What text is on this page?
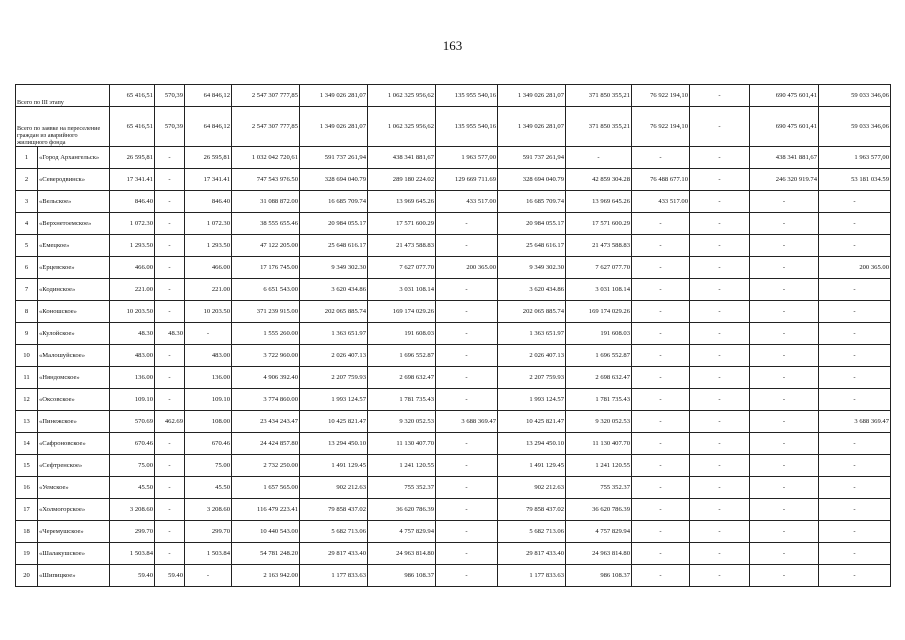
163
Всего по III этапу		65 416,51	570,39	64 846,12	2 547 307 777,85	1 349 026 281,07	1 062 325 956,62	135 955 540,16	1 349 026 281,07	371 850 355,21	76 922 194,10	-	690 475 601,41	59 033 346,06
Всего по заявке на переселение граждан из аварийного жилищного фонда		65 416,51	570,39	64 846,12	2 547 307 777,85	1 349 026 281,07	1 062 325 956,62	135 955 540,16	1 349 026 281,07	371 850 355,21	76 922 194,10	-	690 475 601,41	59 033 346,06
1	«Город Архангельск»	26 595,81	-	26 595,81	1 032 042 720,61	591 737 261,94	438 341 881,67	1 963 577,00	591 737 261,94	-	-	-	438 341 881,67	1 963 577,00
2	«Северодвинск»	17 341.41	-	17 341.41	747 543 976.50	328 694 040.79	289 180 224.02	129 669 711.69	328 694 040.79	42 859 304.28	76 488 677.10	-	246 320 919.74	53 181 034.59
3	«Вельское»	846.40	-	846.40	31 088 872.00	16 685 709.74	13 969 645.26	433 517.00	16 685 709.74	13 969 645.26	433 517.00	-	-	-
4	«Верхнетоемское»	1 072.30	-	1 072.30	38 555 655.46	20 984 055.17	17 571 600.29	-	20 984 055.17	17 571 600.29	-	-	-	-
5	«Емецкое»	1 293.50	-	1 293.50	47 122 205.00	25 648 616.17	21 473 588.83	-	25 648 616.17	21 473 588.83	-	-	-	-
6	«Ерцевское»	466.00	-	466.00	17 176 745.00	9 349 302.30	7 627 077.70	200 365.00	9 349 302.30	7 627 077.70	-	-	-	200 365.00
7	«Кодинское»	221.00	-	221.00	6 651 543.00	3 620 434.86	3 031 108.14	-	3 620 434.86	3 031 108.14	-	-	-	-
8	«Коношское»	10 203.50	-	10 203.50	371 239 915.00	202 065 885.74	169 174 029.26	-	202 065 885.74	169 174 029.26	-	-	-	-
9	«Кулойское»	48.30	48.30	-	1 555 260.00	1 363 651.97	191 608.03	-	1 363 651.97	191 608.03	-	-	-	-
10	«Малошуйское»	483.00	-	483.00	3 722 960.00	2 026 407.13	1 696 552.87	-	2 026 407.13	1 696 552.87	-	-	-	-
11	«Няндомское»	136.00	-	136.00	4 906 392.40	2 207 759.93	2 698 632.47	-	2 207 759.93	2 698 632.47	-	-	-	-
12	«Оксовское»	109.10	-	109.10	3 774 860.00	1 993 124.57	1 781 735.43	-	1 993 124.57	1 781 735.43	-	-	-	-
13	«Пинежское»	570.69	462.69	108.00	23 434 243.47	10 425 821.47	9 320 052.53	3 688 369.47	10 425 821.47	9 320 052.53	-	-	-	3 688 369.47
14	«Сафроновское»	670.46	-	670.46	24 424 857.80	13 294 450.10	11 130 407.70	-	13 294 450.10	11 130 407.70	-	-	-	-
15	«Сефтренское»	75.00	-	75.00	2 732 250.00	1 491 129.45	1 241 120.55	-	1 491 129.45	1 241 120.55	-	-	-	-
16	«Уемское»	45.50	-	45.50	1 657 565.00	902 212.63	755 352.37	-	902 212.63	755 352.37	-	-	-	-
17	«Холмогорское»	3 208.60	-	3 208.60	116 479 223.41	79 858 437.02	36 620 786.39	-	79 858 437.02	36 620 786.39	-	-	-	-
18	«Черемушское»	299.70	-	299.70	10 440 543.00	5 682 713.06	4 757 829.94	-	5 682 713.06	4 757 829.94	-	-	-	-
19	«Шалакушское»	1 503.84	-	1 503.84	54 781 248.20	29 817 433.40	24 963 814.80	-	29 817 433.40	24 963 814.80	-	-	-	-
20	«Шипицкое»	59.40	59.40	-	2 163 942.00	1 177 833.63	986 108.37	-	1 177 833.63	986 108.37	-	-	-	-
